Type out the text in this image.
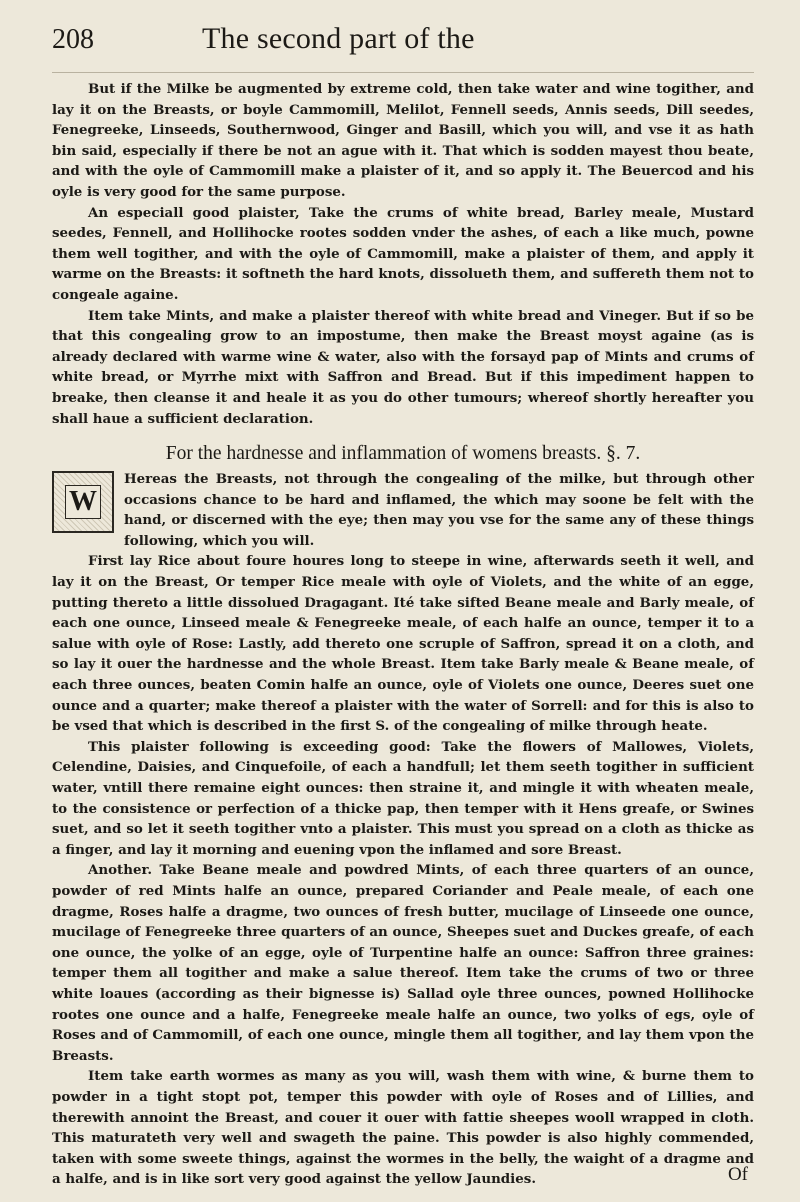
208	The second part of the

But if the Milke be augmented by extreme cold, then take water and wine togither, and lay it on the Breasts, or boyle Cammomill, Melilot, Fennell seeds, Annis seeds, Dill seedes, Fenegreeke, Linseeds, Southernwood, Ginger and Basill, which you will, and vse it as hath bin said, especially if there be not an ague with it. That which is sodden mayest thou beate, and with the oyle of Cammomill make a plaister of it, and so apply it. The Beuercod and his oyle is very good for the same purpose.

An especiall good plaister, Take the crums of white bread, Barley meale, Mustard seedes, Fennell, and Hollihocke rootes sodden vnder the ashes, of each a like much, powne them well togither, and with the oyle of Cammomill, make a plaister of them, and apply it warme on the Breasts: it softneth the hard knots, dissolueth them, and suffereth them not to congeale againe.

Item take Mints, and make a plaister thereof with white bread and Vineger. But if so be that this congealing grow to an impostume, then make the Breast moyst againe (as is already declared with warme wine & water, also with the forsayd pap of Mints and crums of white bread, or Myrrhe mixt with Saffron and Bread. But if this impediment happen to breake, then cleanse it and heale it as you do other tumours; whereof shortly hereafter you shall haue a sufficient declaration.

For the hardnesse and inflammation of womens breasts. §. 7.
W

Hereas the Breasts, not through the congealing of the milke, but through other occasions chance to be hard and inflamed, the which may soone be felt with the hand, or discerned with the eye; then may you vse for the same any of these things following, which you will.

First lay Rice about foure houres long to steepe in wine, afterwards seeth it well, and lay it on the Breast, Or temper Rice meale with oyle of Violets, and the white of an egge, putting thereto a little dissolued Dragagant. Ité take sifted Beane meale and Barly meale, of each one ounce, Linseed meale & Fenegreeke meale, of each halfe an ounce, temper it to a salue with oyle of Rose: Lastly, add thereto one scruple of Saffron, spread it on a cloth, and so lay it ouer the hardnesse and the whole Breast. Item take Barly meale & Beane meale, of each three ounces, beaten Comin halfe an ounce, oyle of Violets one ounce, Deeres suet one ounce and a quarter; make thereof a plaister with the water of Sorrell: and for this is also to be vsed that which is described in the first S. of the congealing of milke through heate.

This plaister following is exceeding good: Take the flowers of Mallowes, Violets, Celendine, Daisies, and Cinquefoile, of each a handfull; let them seeth togither in sufficient water, vntill there remaine eight ounces: then straine it, and mingle it with wheaten meale, to the consistence or perfection of a thicke pap, then temper with it Hens greafe, or Swines suet, and so let it seeth togither vnto a plaister. This must you spread on a cloth as thicke as a finger, and lay it morning and euening vpon the inflamed and sore Breast.

Another. Take Beane meale and powdred Mints, of each three quarters of an ounce, powder of red Mints halfe an ounce, prepared Coriander and Peale meale, of each one dragme, Roses halfe a dragme, two ounces of fresh butter, mucilage of Linseede one ounce, mucilage of Fenegreeke three quarters of an ounce, Sheepes suet and Duckes greafe, of each one ounce, the yolke of an egge, oyle of Turpentine halfe an ounce: Saffron three graines: temper them all togither and make a salue thereof. Item take the crums of two or three white loaues (according as their bignesse is) Sallad oyle three ounces, powned Hollihocke rootes one ounce and a halfe, Fenegreeke meale halfe an ounce, two yolks of egs, oyle of Roses and of Cammomill, of each one ounce, mingle them all togither, and lay them vpon the Breasts.

Item take earth wormes as many as you will, wash them with wine, & burne them to powder in a tight stopt pot, temper this powder with oyle of Roses and of Lillies, and therewith annoint the Breast, and couer it ouer with fattie sheepes wooll wrapped in cloth. This maturateth very well and swageth the paine. This powder is also highly commended, taken with some sweete things, against the wormes in the belly, the waight of a dragme and a halfe, and is in like sort very good against the yellow Jaundies.	Of
